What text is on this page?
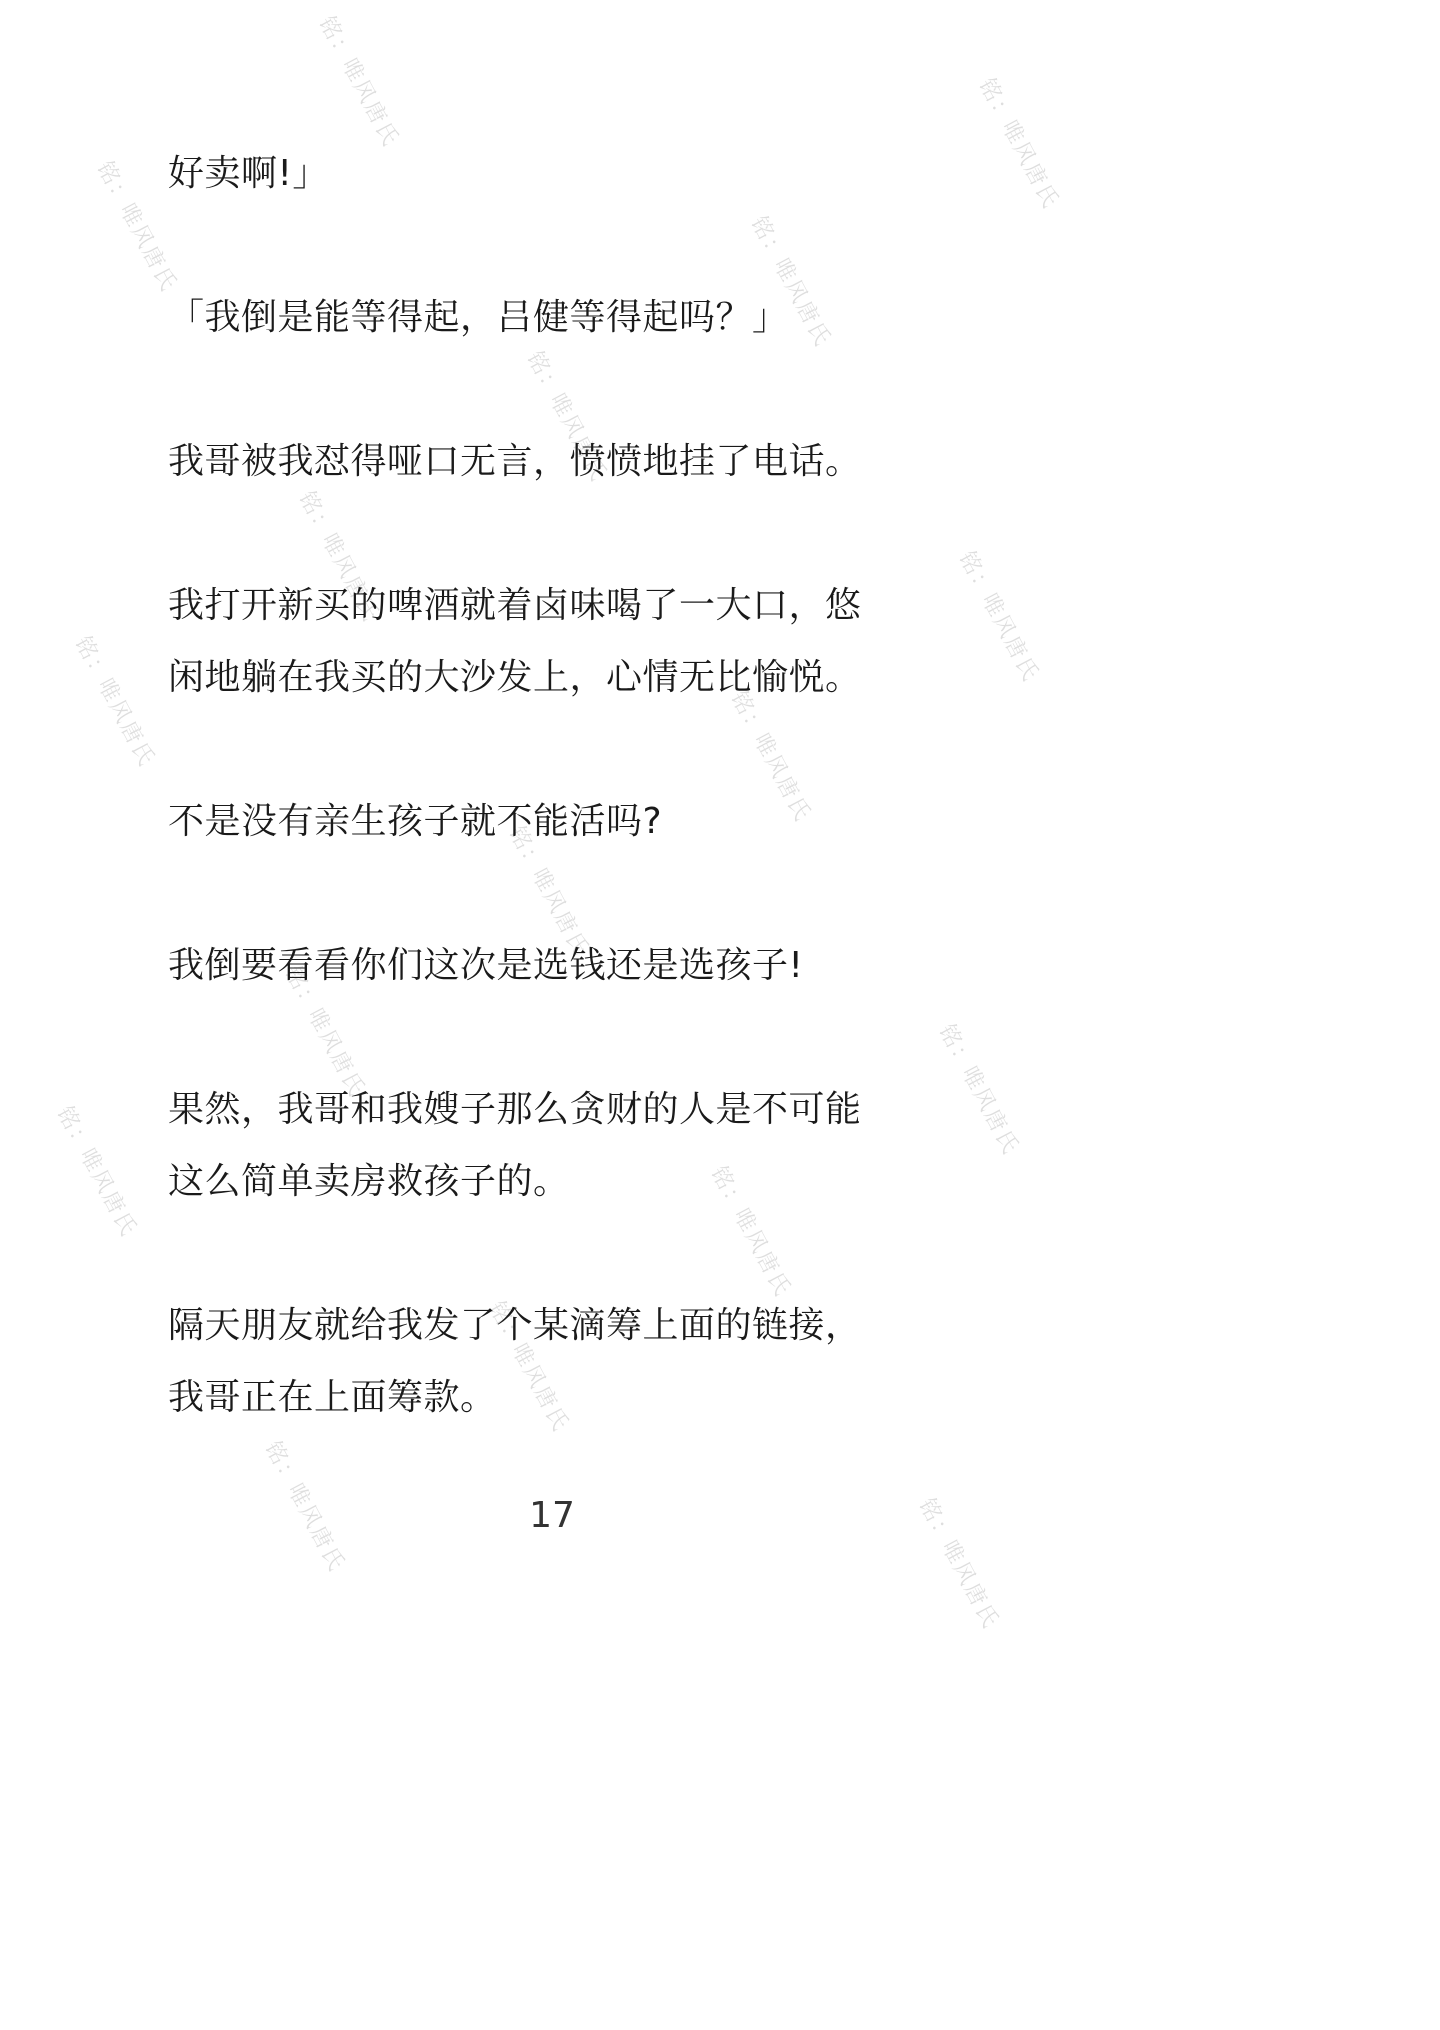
铭：唯风唐氏	铭：唯风唐氏
铭：唯风唐氏	铭：唯风唐氏
铭：唯风唐氏
铭：唯风唐氏	铭：唯风唐氏
铭：唯风唐氏	铭：唯风唐氏
铭：唯风唐氏
铭：唯风唐氏	铭：唯风唐氏
铭：唯风唐氏	铭：唯风唐氏
铭：唯风唐氏
铭：唯风唐氏	铭：唯风唐氏

好卖啊!」

「我倒是能等得起，吕健等得起吗？」

我哥被我怼得哑口无言，愤愤地挂了电话。

我打开新买的啤酒就着卤味喝了一大口，悠
闲地躺在我买的大沙发上，心情无比愉悦。

不是没有亲生孩子就不能活吗?

我倒要看看你们这次是选钱还是选孩子!

果然，我哥和我嫂子那么贪财的人是不可能
这么简单卖房救孩子的。

隔天朋友就给我发了个某滴筹上面的链接，
我哥正在上面筹款。

17
